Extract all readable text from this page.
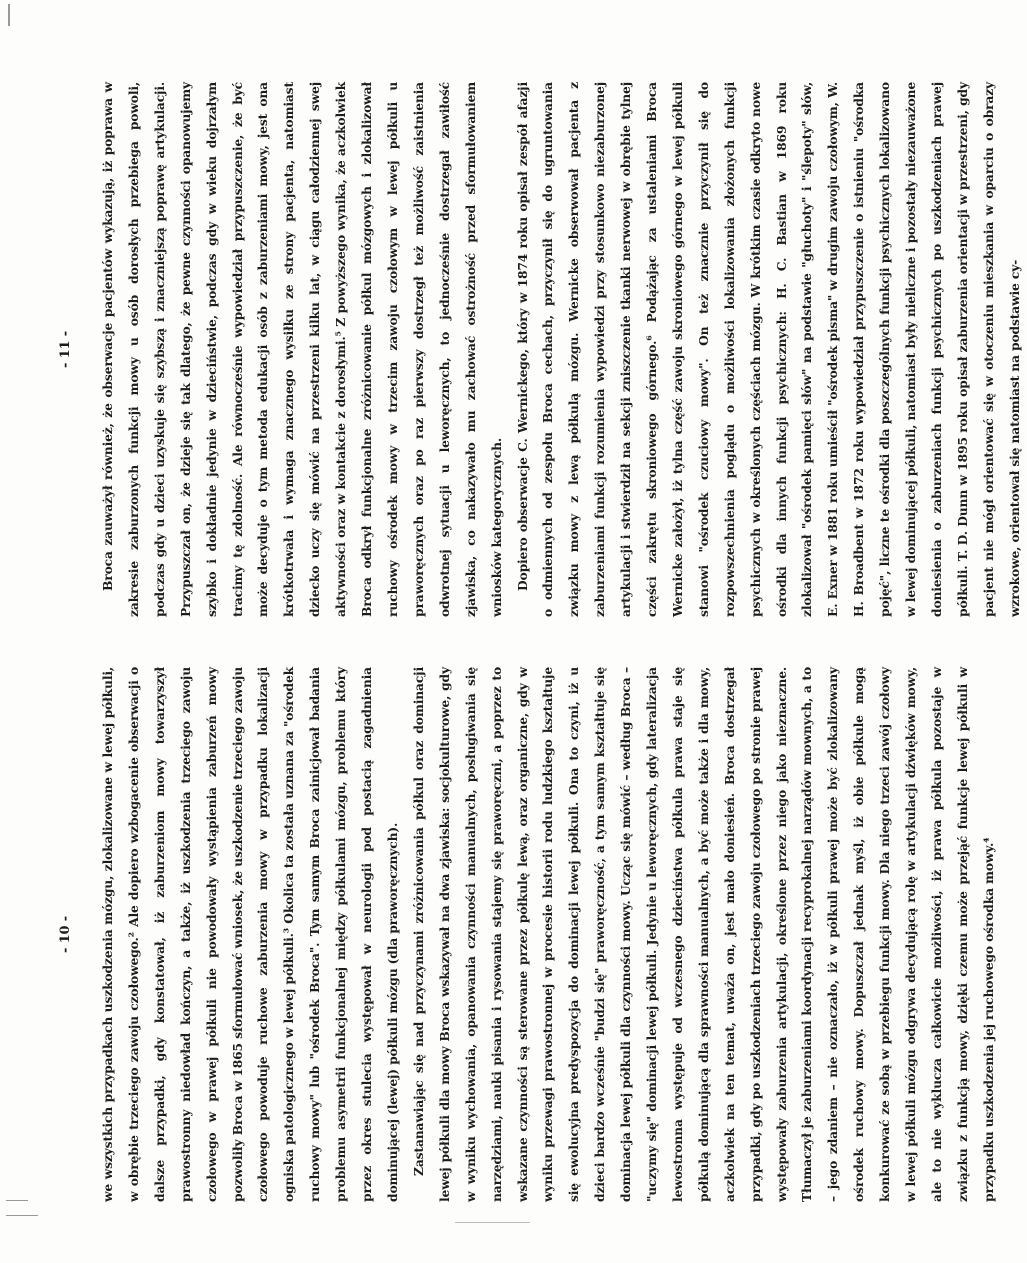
- 10 -	we wszystkich przypadkach uszkodzenia mózgu, zlokalizowane w lewej półkuli, w obrębie trzeciego zawoju czołowego.² Ale dopiero wzbogacenie obserwacji o dalsze przypadki, gdy konstatował, iż zaburzeniom mowy towarzyszył prawostronny niedowład kończyn, a także, iż uszkodzenia trzeciego zawoju czołowego w prawej półkuli nie powodowały wystąpienia zaburzeń mowy pozwoliły Broca w 1865 sformułować wniosek, że uszkodzenie trzeciego zawoju czołowego powoduje ruchowe zaburzenia mowy w przypadku lokalizacji ogniska patologicznego w lewej półkuli.³ Okolica ta została uznana za "ośrodek ruchowy mowy" lub "ośrodek Broca". Tym samym Broca zainicjował badania problemu asymetrii funkcjonalnej między półkulami mózgu, problemu który przez okres stulecia występował w neurologii pod postacią zagadnienia dominującej (lewej) półkuli mózgu (dla praworęcznych). Zastanawiając się nad przyczynami zróżnicowania półkul oraz dominacji lewej półkuli dla mowy Broca wskazywał na dwa zjawiska: socjokulturowe, gdy w wyniku wychowania, opanowania czynności manualnych, posługiwania się narzędziami, nauki pisania i rysowania stajemy się praworęczni, a poprzez to wskazane czynności są sterowane przez półkulę lewą, oraz organiczne, gdy w wyniku przewagi prawostronnej w procesie historii rodu ludzkiego kształtuje się ewolucyjna predyspozycja do dominacji lewej półkuli. Ona to czyni, iż u dzieci bardzo wcześnie "budzi się" praworęczność, a tym samym kształtuje się dominacja lewej półkuli dla czynności mowy. Ucząc się mówić – według Broca – "uczymy się" dominacji lewej półkuli. Jedynie u leworęcznych, gdy lateralizacja lewostronna występuje od wczesnego dzieciństwa półkula prawa staje się półkulą dominującą dla sprawności manualnych, a być może także i dla mowy, aczkolwiek na ten temat, uważa on, jest mało doniesień. Broca dostrzegał przypadki, gdy po uszkodzeniach trzeciego zawoju czołowego po stronie prawej występowały zaburzenia artykulacji, określone przez niego jako nieznaczne. Tłumaczył je zaburzeniami koordynacji recyprokalnej narządów mownych, a to – jego zdaniem – nie oznaczało, iż w półkuli prawej może być zlokalizowany ośrodek ruchowy mowy. Dopuszczał jednak myśl, iż obie półkule mogą konkurować ze sobą w przebiegu funkcji mowy. Dla niego trzeci zawój czołowy w lewej półkuli mózgu odgrywa decydującą rolę w artykulacji dźwięków mowy, ale to nie wyklucza całkowicie możliwości, iż prawa półkula pozostaje w związku z funkcją mowy, dzięki czemu może przejąć funkcje lewej półkuli w przypadku uszkodzenia jej ruchowego ośrodka mowy.⁴

- 11 -	Broca zauważył również, że obserwacje pacjentów wykazują, iż poprawa w zakresie zaburzonych funkcji mowy u osób dorosłych przebiega powoli, podczas gdy u dzieci uzyskuje się szybszą i znaczniejszą poprawę artykulacji. Przypuszczał on, że dzieje się tak dlatego, że pewne czynności opanowujemy szybko i dokładnie jedynie w dzieciństwie, podczas gdy w wieku dojrzałym tracimy tę zdolność. Ale równocześnie wypowiedział przypuszczenie, że być może decyduje o tym metoda edukacji osób z zaburzeniami mowy, jest ona krótkotrwała i wymaga znacznego wysiłku ze strony pacjenta, natomiast dziecko uczy się mówić na przestrzeni kilku lat, w ciągu całodziennej swej aktywności oraz w kontakcie z dorosłymi.⁵ Z powyższego wynika, że aczkolwiek Broca odkrył funkcjonalne zróżnicowanie półkul mózgowych i zlokalizował ruchowy ośrodek mowy w trzecim zawoju czołowym w lewej półkuli u praworęcznych oraz po raz pierwszy dostrzegł też możliwość zaistnienia odwrotnej sytuacji u leworęcznych, to jednocześnie dostrzegał zawiłość zjawiska, co nakazywało mu zachować ostrożność przed sformułowaniem wniosków kategorycznych. Dopiero obserwacje C. Wernickego, który w 1874 roku opisał zespół afazji o odmiennych od zespołu Broca cechach, przyczynił się do ugruntowania związku mowy z lewą półkulą mózgu. Wernicke obserwował pacjenta z zaburzeniami funkcji rozumienia wypowiedzi przy stosunkowo niezaburzonej artykulacji i stwierdził na sekcji zniszczenie tkanki nerwowej w obrębie tylnej części zakrętu skroniowego górnego.⁶ Podążając za ustaleniami Broca Wernicke założył, iż tylna część zawoju skroniowego górnego w lewej półkuli stanowi "ośrodek czuciowy mowy". On też znacznie przyczynił się do rozpowszechnienia poglądu o możliwości lokalizowania złożonych funkcji psychicznych w określonych częściach mózgu. W krótkim czasie odkryto nowe ośrodki dla innych funkcji psychicznych: H. C. Bastian w 1869 roku zlokalizował "ośrodek pamięci słów" na podstawie "głuchoty" i "ślepoty" słów, E. Exner w 1881 roku umieścił "ośrodek pisma" w drugim zawoju czołowym, W. H. Broadbent w 1872 roku wypowiedział przypuszczenie o istnieniu "ośrodka pojęć", liczne te ośrodki dla poszczególnych funkcji psychicznych lokalizowano w lewej dominującej półkuli, natomiast były nieliczne i pozostały niezauważone doniesienia o zaburzeniach funkcji psychicznych po uszkodzeniach prawej półkuli. T. D. Dunn w 1895 roku opisał zaburzenia orientacji w przestrzeni, gdy pacjent nie mógł orientować się w otoczeniu mieszkania w oparciu o obrazy wzrokowe, orientował się natomiast na podstawie cy-
